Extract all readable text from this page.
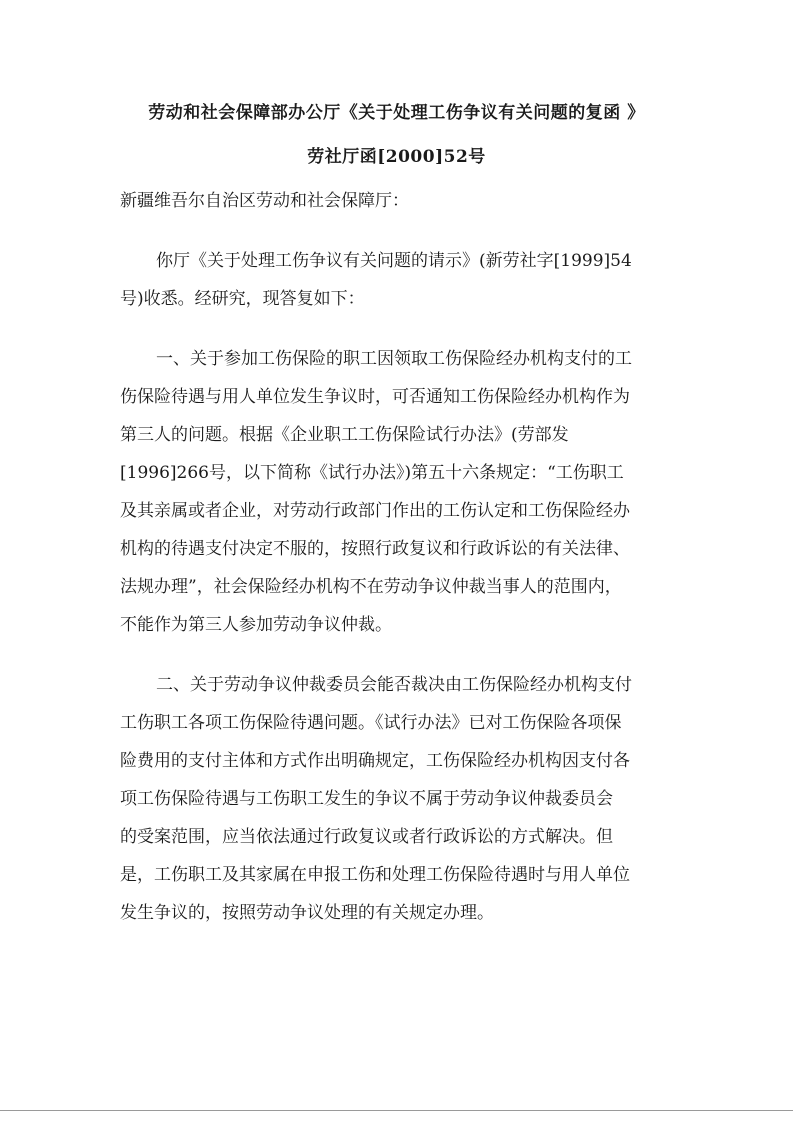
劳动和社会保障部办公厅《关于处理工伤争议有关问题的复函 》
劳社厅函[2000]52号
新疆维吾尔自治区劳动和社会保障厅：
你厅《关于处理工伤争议有关问题的请示》(新劳社字[1999]54
号)收悉。经研究，现答复如下：
一、关于参加工伤保险的职工因领取工伤保险经办机构支付的工
伤保险待遇与用人单位发生争议时，可否通知工伤保险经办机构作为
第三人的问题。根据《企业职工工伤保险试行办法》(劳部发
[1996]266号，以下简称《试行办法》)第五十六条规定：“工伤职工
及其亲属或者企业，对劳动行政部门作出的工伤认定和工伤保险经办
机构的待遇支付决定不服的，按照行政复议和行政诉讼的有关法律、
法规办理”，社会保险经办机构不在劳动争议仲裁当事人的范围内，
不能作为第三人参加劳动争议仲裁。
二、关于劳动争议仲裁委员会能否裁决由工伤保险经办机构支付
工伤职工各项工伤保险待遇问题。《试行办法》已对工伤保险各项保
险费用的支付主体和方式作出明确规定，工伤保险经办机构因支付各
项工伤保险待遇与工伤职工发生的争议不属于劳动争议仲裁委员会
的受案范围，应当依法通过行政复议或者行政诉讼的方式解决。但
是，工伤职工及其家属在申报工伤和处理工伤保险待遇时与用人单位
发生争议的，按照劳动争议处理的有关规定办理。
